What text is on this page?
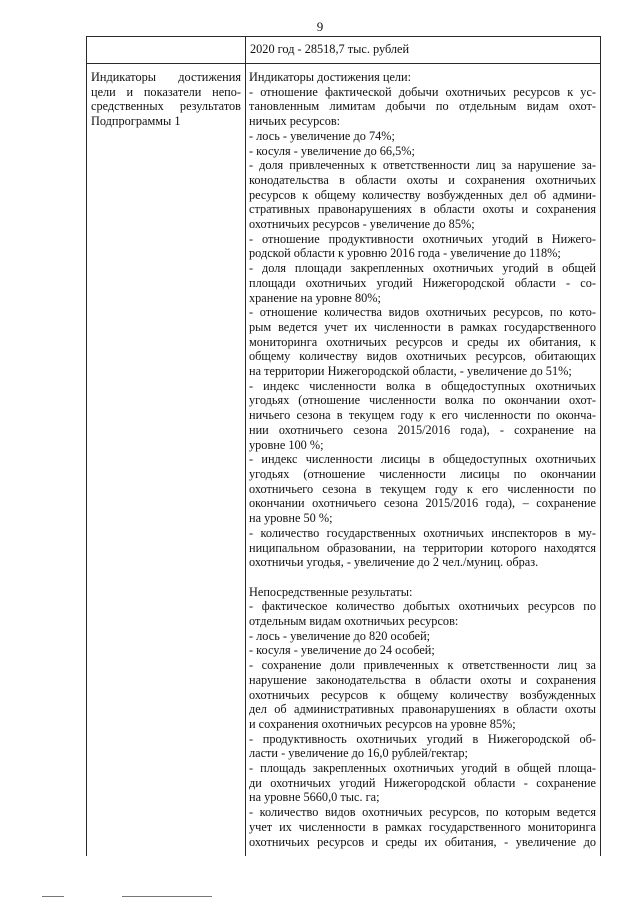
9
2020 год - 28518,7 тыс. рублей
Индикаторы достижения
цели и показатели непо-
средственных результатов
Подпрограммы 1
Индикаторы достижения цели:
- отношение фактической добычи охотничьих ресурсов к ус-
тановленным лимитам добычи по отдельным видам охот-
ничьих ресурсов:
- лось - увеличение до 74%;
- косуля - увеличение до 66,5%;
- доля привлеченных к ответственности лиц за нарушение за-
конодательства в области охоты и сохранения охотничьих
ресурсов к общему количеству возбужденных дел об админи-
стративных правонарушениях в области охоты и сохранения
охотничьих ресурсов - увеличение до 85%;
- отношение продуктивности охотничьих угодий в Нижего-
родской области к уровню 2016 года - увеличение до 118%;
- доля площади закрепленных охотничьих угодий в общей
площади охотничьих угодий Нижегородской области - со-
хранение на уровне 80%;
- отношение количества видов охотничьих ресурсов, по кото-
рым ведется учет их численности в рамках государственного
мониторинга охотничьих ресурсов и среды их обитания, к
общему количеству видов охотничьих ресурсов, обитающих
на территории Нижегородской области, - увеличение до 51%;
- индекс численности волка в общедоступных охотничьих
угодьях (отношение численности волка по окончании охот-
ничьего сезона в текущем году к его численности по оконча-
нии охотничьего сезона 2015/2016 года), - сохранение на
уровне 100 %;
- индекс численности лисицы в общедоступных охотничьих
угодьях (отношение численности лисицы по окончании
охотничьего сезона в текущем году к его численности по
окончании охотничьего сезона 2015/2016 года), – сохранение
на уровне 50 %;
- количество государственных охотничьих инспекторов в му-
ниципальном образовании, на территории которого находятся
охотничьи угодья, - увеличение до 2 чел./муниц. образ.
Непосредственные результаты:
- фактическое количество добытых охотничьих ресурсов по
отдельным видам охотничьих ресурсов:
- лось - увеличение до 820 особей;
- косуля - увеличение до 24 особей;
- сохранение доли привлеченных к ответственности лиц за
нарушение законодательства в области охоты и сохранения
охотничьих ресурсов к общему количеству возбужденных
дел об административных правонарушениях в области охоты
и сохранения охотничьих ресурсов на уровне 85%;
- продуктивность охотничьих угодий в Нижегородской об-
ласти - увеличение до 16,0 рублей/гектар;
- площадь закрепленных охотничьих угодий в общей площа-
ди охотничьих угодий Нижегородской области - сохранение
на уровне 5660,0 тыс. га;
- количество видов охотничьих ресурсов, по которым ведется
учет их численности в рамках государственного мониторинга
охотничьих ресурсов и среды их обитания, - увеличение до
